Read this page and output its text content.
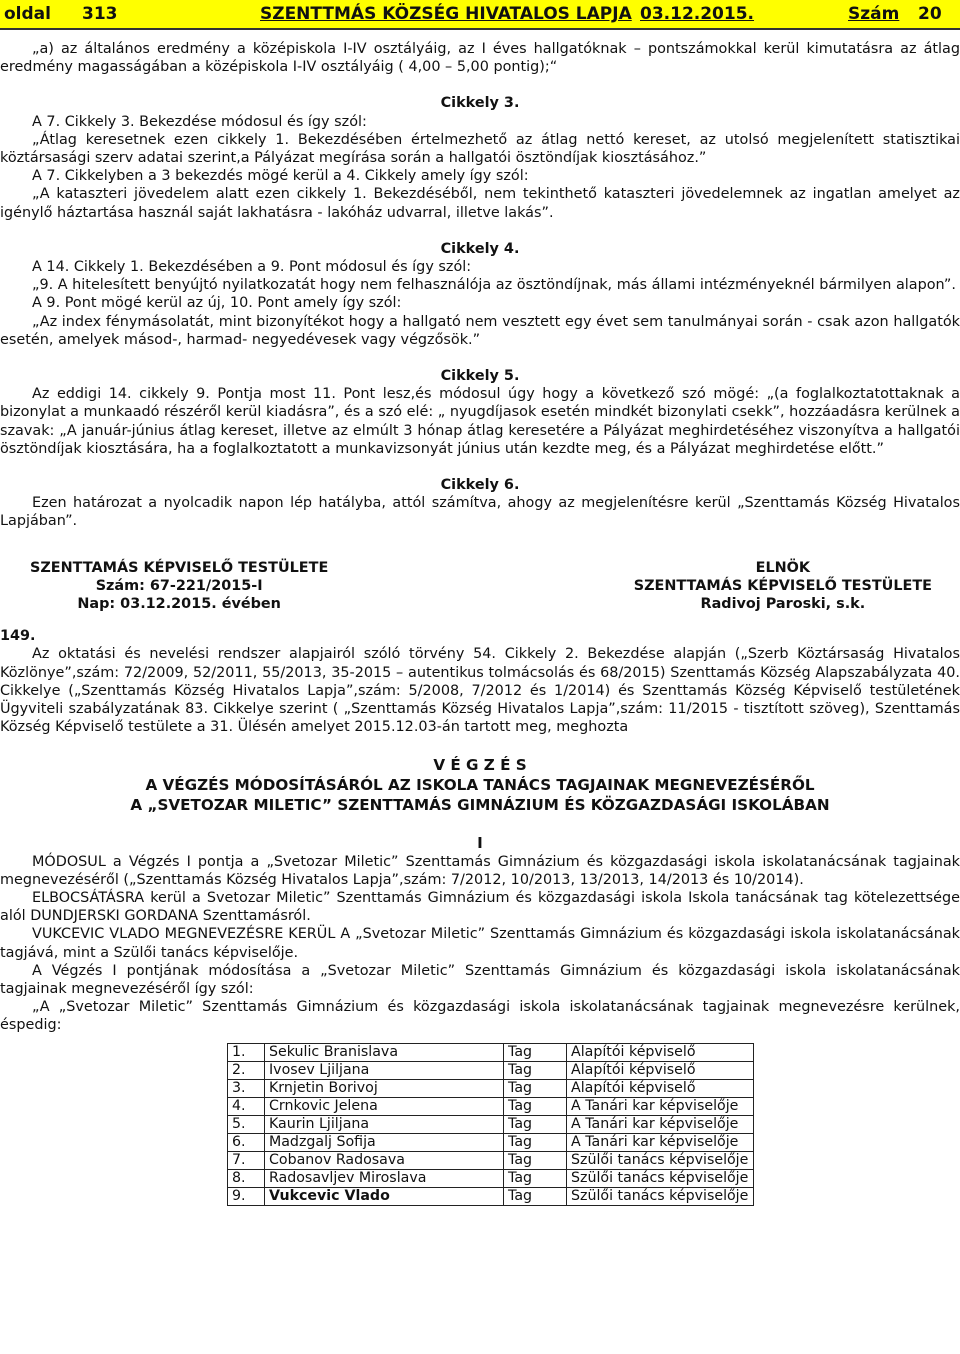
oldal 313	SZENTTMÁS KÖZSÉG HIVATALOS LAPJA 03.12.2015.	Szám 20

„a) az általános eredmény a középiskola I-IV osztályáig, az I éves hallgatóknak – pontszámokkal kerül kimutatásra az átlag eredmény magasságában a középiskola I-IV osztályáig ( 4,00 – 5,00 pontig);“

Cikkely 3.

A 7. Cikkely 3. Bekezdése módosul és így szól:

„Átlag keresetnek ezen cikkely 1. Bekezdésében értelmezhető az átlag nettó kereset, az utolsó megjelenített statisztikai köztársasági szerv adatai szerint,a Pályázat megírása során a hallgatói ösztöndíjak kiosztásához.”

A 7. Cikkelyben a 3 bekezdés mögé kerül a 4. Cikkely amely így szól:

„A kataszteri jövedelem alatt ezen cikkely 1. Bekezdéséből, nem tekinthető kataszteri jövedelemnek az ingatlan amelyet az igénylő háztartása használ saját lakhatásra - lakóház udvarral, illetve lakás”.

Cikkely 4.

A 14. Cikkely 1. Bekezdésében a 9. Pont módosul és így szól:

„9. A hitelesített benyújtó nyilatkozatát hogy nem felhasználója az ösztöndíjnak, más állami intézményeknél bármilyen alapon”.

A 9. Pont mögé kerül az új, 10. Pont amely így szól:

„Az index fénymásolatát, mint bizonyítékot hogy a hallgató nem vesztett egy évet sem tanulmányai során - csak azon hallgatók esetén, amelyek másod-, harmad- negyedévesek vagy végzősök.”

Cikkely 5.

Az eddigi 14. cikkely 9. Pontja most 11. Pont lesz,és módosul úgy hogy a következő szó mögé: „(a foglalkoztatottaknak a bizonylat a munkaadó részéről kerül kiadásra”, és a szó elé: „ nyugdíjasok esetén mindkét bizonylati csekk”, hozzáadásra kerülnek a szavak: „A január-június átlag kereset, illetve az elmúlt 3 hónap átlag keresetére a Pályázat meghirdetéséhez viszonyítva a hallgatói ösztöndíjak kiosztására, ha a foglalkoztatott a munkavizsonyát június után kezdte meg, és a Pályázat meghirdetése előtt.”

Cikkely 6.

Ezen határozat a nyolcadik napon lép hatályba, attól számítva, ahogy az megjelenítésre kerül „Szenttamás Község Hivatalos Lapjában”.

SZENTTAMÁS KÉPVISELŐ TESTÜLETE
Szám: 67-221/2015-I
Nap: 03.12.2015. évében
ELNÖK
SZENTTAMÁS KÉPVISELŐ TESTÜLETE
Radivoj Paroski, s.k.

149.

Az oktatási és nevelési rendszer alapjairól szóló törvény 54. Cikkely 2. Bekezdése alapján („Szerb Köztársaság Hivatalos Közlönye”,szám: 72/2009, 52/2011, 55/2013, 35-2015 – autentikus tolmácsolás és 68/2015) Szenttamás Község Alapszabályzata 40. Cikkelye („Szenttamás Község Hivatalos Lapja”,szám: 5/2008, 7/2012 és 1/2014) és Szenttamás Község Képviselő testületének Ügyviteli szabályzatának 83. Cikkelye szerint ( „Szenttamás Község Hivatalos Lapja”,szám: 11/2015 - tisztított szöveg), Szenttamás Község Képviselő testülete a 31. Ülésén amelyet 2015.12.03-án tartott meg, meghozta

V É G Z É S

A VÉGZÉS MÓDOSÍTÁSÁRÓL AZ ISKOLA TANÁCS TAGJAINAK MEGNEVEZÉSÉRŐL

A „SVETOZAR MILETIC” SZENTTAMÁS GIMNÁZIUM ÉS KÖZGAZDASÁGI ISKOLÁBAN

I

MÓDOSUL a Végzés I pontja a „Svetozar Miletic” Szenttamás Gimnázium és közgazdasági iskola iskolatanácsának tagjainak megnevezéséről („Szenttamás Község Hivatalos Lapja”,szám: 7/2012, 10/2013, 13/2013, 14/2013 és 10/2014).

ELBOCSÁTÁSRA kerül a Svetozar Miletic” Szenttamás Gimnázium és közgazdasági iskola Iskola tanácsának tag kötelezettsége alól DUNDJERSKI GORDANA Szenttamásról.

VUKCEVIC VLADO MEGNEVEZÉSRE KERÜL A „Svetozar Miletic” Szenttamás Gimnázium és közgazdasági iskola iskolatanácsának tagjává, mint a Szülői tanács képviselője.

A Végzés I pontjának módosítása a „Svetozar Miletic” Szenttamás Gimnázium és közgazdasági iskola iskolatanácsának tagjainak megnevezéséről így szól:

„A „Svetozar Miletic” Szenttamás Gimnázium és közgazdasági iskola iskolatanácsának tagjainak megnevezésre kerülnek, éspedig:

1.	Sekulic Branislava	Tag	Alapítói képviselő
2.	Ivosev Ljiljana	Tag	Alapítói képviselő
3.	Krnjetin Borivoj	Tag	Alapítói képviselő
4.	Crnkovic Jelena	Tag	A Tanári kar képviselője
5.	Kaurin Ljiljana	Tag	A Tanári kar képviselője
6.	Madzgalj Sofija	Tag	A Tanári kar képviselője
7.	Cobanov Radosava	Tag	Szülői tanács képviselője
8.	Radosavljev Miroslava	Tag	Szülői tanács képviselője
9.	Vukcevic Vlado	Tag	Szülői tanács képviselője
